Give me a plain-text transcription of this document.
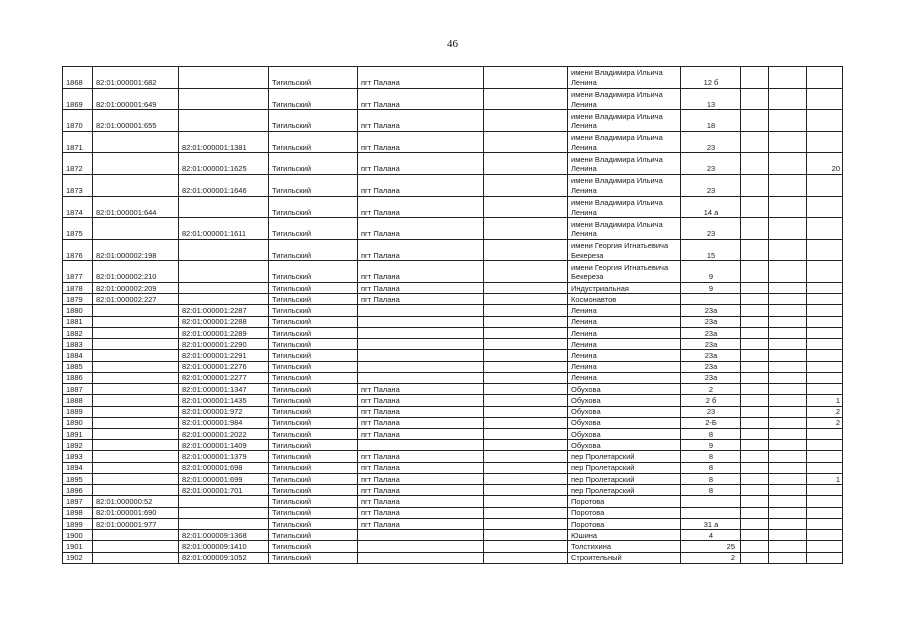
46
1868	82:01:000001:682		Тигильский	пгт Палана		имени Владимира Ильича Ленина	12 б			
1869	82:01:000001:649		Тигильский	пгт Палана		имени Владимира Ильича Ленина	13			
1870	82:01:000001:655		Тигильский	пгт Палана		имени Владимира Ильича Ленина	18			
1871		82:01:000001:1381	Тигильский	пгт Палана		имени Владимира Ильича Ленина	23			
1872		82:01:000001:1625	Тигильский	пгт Палана		имени Владимира Ильича Ленина	23			20
1873		82:01:000001:1646	Тигильский	пгт Палана		имени Владимира Ильича Ленина	23			
1874	82:01:000001:644		Тигильский	пгт Палана		имени Владимира Ильича Ленина	14 а			
1875		82:01:000001:1611	Тигильский	пгт Палана		имени Владимира Ильича Ленина	23			
1876	82:01:000002:198		Тигильский	пгт Палана		имени Георгия Игнатьевича Бекереза	15			
1877	82:01:000002:210		Тигильский	пгт Палана		имени Георгия Игнатьевича Бекереза	9			
1878	82:01:000002:209		Тигильский	пгт Палана		Индустриальная	9			
1879	82:01:000002:227		Тигильский	пгт Палана		Космонавтов				
1880		82:01:000001:2287	Тигильский			Ленина	23а			
1881		82:01:000001:2288	Тигильский			Ленина	23а			
1882		82:01:000001:2289	Тигильский			Ленина	23а			
1883		82:01:000001:2290	Тигильский			Ленина	23а			
1884		82:01:000001:2291	Тигильский			Ленина	23а			
1885		82:01:000001:2276	Тигильский			Ленина	23а			
1886		82:01:000001:2277	Тигильский			Ленина	23а			
1887		82:01:000001:1347	Тигильский	пгт Палана		Обухова	2			
1888		82:01:000001:1435	Тигильский	пгт Палана		Обухова	2 б			1
1889		82:01:000001:972	Тигильский	пгт Палана		Обухова	23			2
1890		82:01:000001:984	Тигильский	пгт Палана		Обухова	2-Б			2
1891		82:01:000001:2022	Тигильский	пгт Палана		Обухова	8			
1892		82:01:000001:1409	Тигильский			Обухова	9			
1893		82:01:000001:1379	Тигильский	пгт Палана		пер Пролетарский	8			
1894		82:01:000001:698	Тигильский	пгт Палана		пер Пролетарский	8			
1895		82:01:000001:699	Тигильский	пгт Палана		пер Пролетарский	8			1
1896		82:01:000001:701	Тигильский	пгт Палана		пер Пролетарский	8			
1897	82:01:000000:52		Тигильский	пгт Палана		Поротова				
1898	82:01:000001:690		Тигильский	пгт Палана		Поротова				
1899	82:01:000001:977		Тигильский	пгт Палана		Поротова	31 а			
1900		82:01:000009:1368	Тигильский			Юшина	4			
1901		82:01:000009:1410	Тигильский			Толстихина	25			
1902		82:01:000009:1052	Тигильский			Строительный	2			
